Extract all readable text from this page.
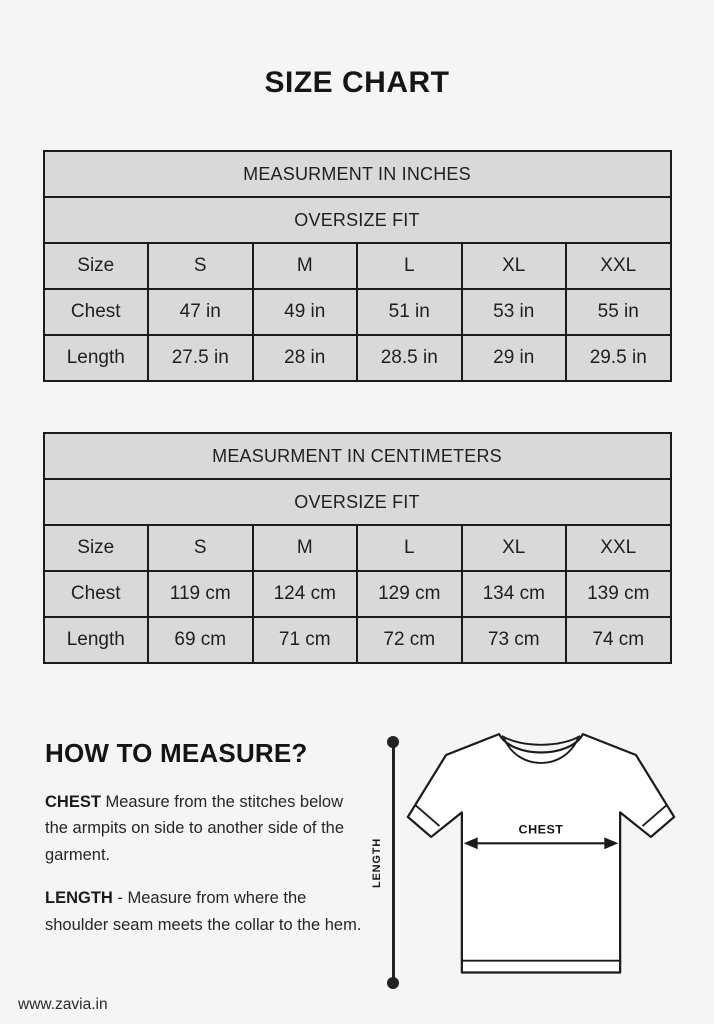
SIZE CHART
MEASURMENT IN INCHES					
OVERSIZE FIT					
Size	S	M	L	XL	XXL
Chest	47 in	49 in	51 in	53 in	55 in
Length	27.5 in	28 in	28.5 in	29 in	29.5 in
MEASURMENT IN CENTIMETERS					
OVERSIZE FIT					
Size	S	M	L	XL	XXL
Chest	119 cm	124 cm	129 cm	134 cm	139 cm
Length	69 cm	71 cm	72 cm	73 cm	74 cm
HOW TO MEASURE?

CHEST Measure from the stitches below the armpits on side to another side of the garment.

LENGTH - Measure from where the shoulder seam meets the collar to the hem.

LENGTH
CHEST
www.zavia.in
